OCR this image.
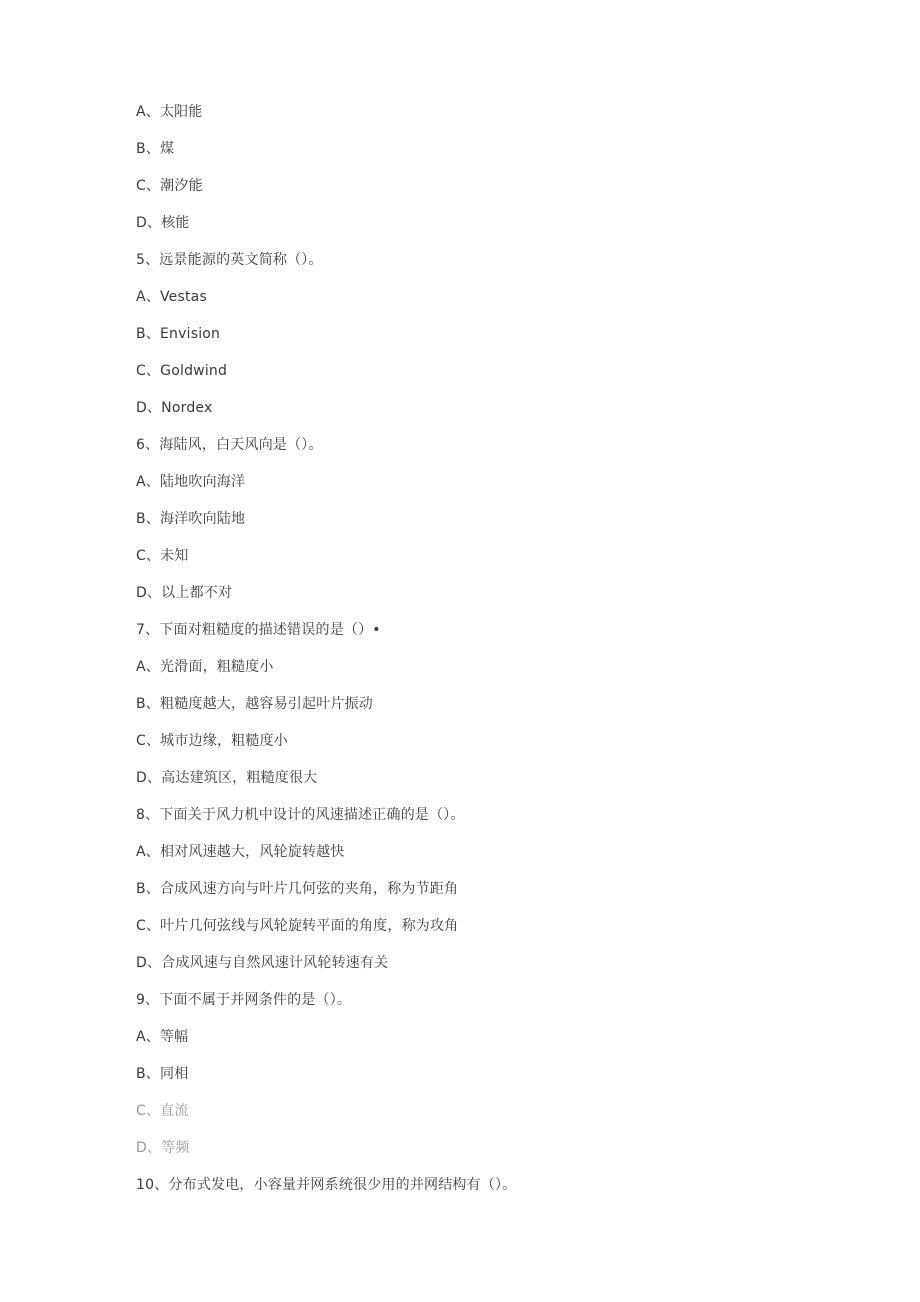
A、太阳能
B、煤
C、潮汐能
D、核能
5、远景能源的英文简称（）。
A、Vestas
B、Envision
C、Goldwind
D、Nordex
6、海陆风，白天风向是（）。
A、陆地吹向海洋
B、海洋吹向陆地
C、未知
D、以上都不对
7、下面对粗糙度的描述错误的是（）•
A、光滑面，粗糙度小
B、粗糙度越大，越容易引起叶片振动
C、城市边缘，粗糙度小
D、高达建筑区，粗糙度很大
8、下面关于风力机中设计的风速描述正确的是（）。
A、相对风速越大，风轮旋转越快
B、合成风速方向与叶片几何弦的夹角，称为节距角
C、叶片几何弦线与风轮旋转平面的角度，称为攻角
D、合成风速与自然风速计风轮转速有关
9、下面不属于并网条件的是（）。
A、等幅
B、同相
C、直流
D、等频
10、分布式发电，小容量并网系统很少用的并网结构有（）。
